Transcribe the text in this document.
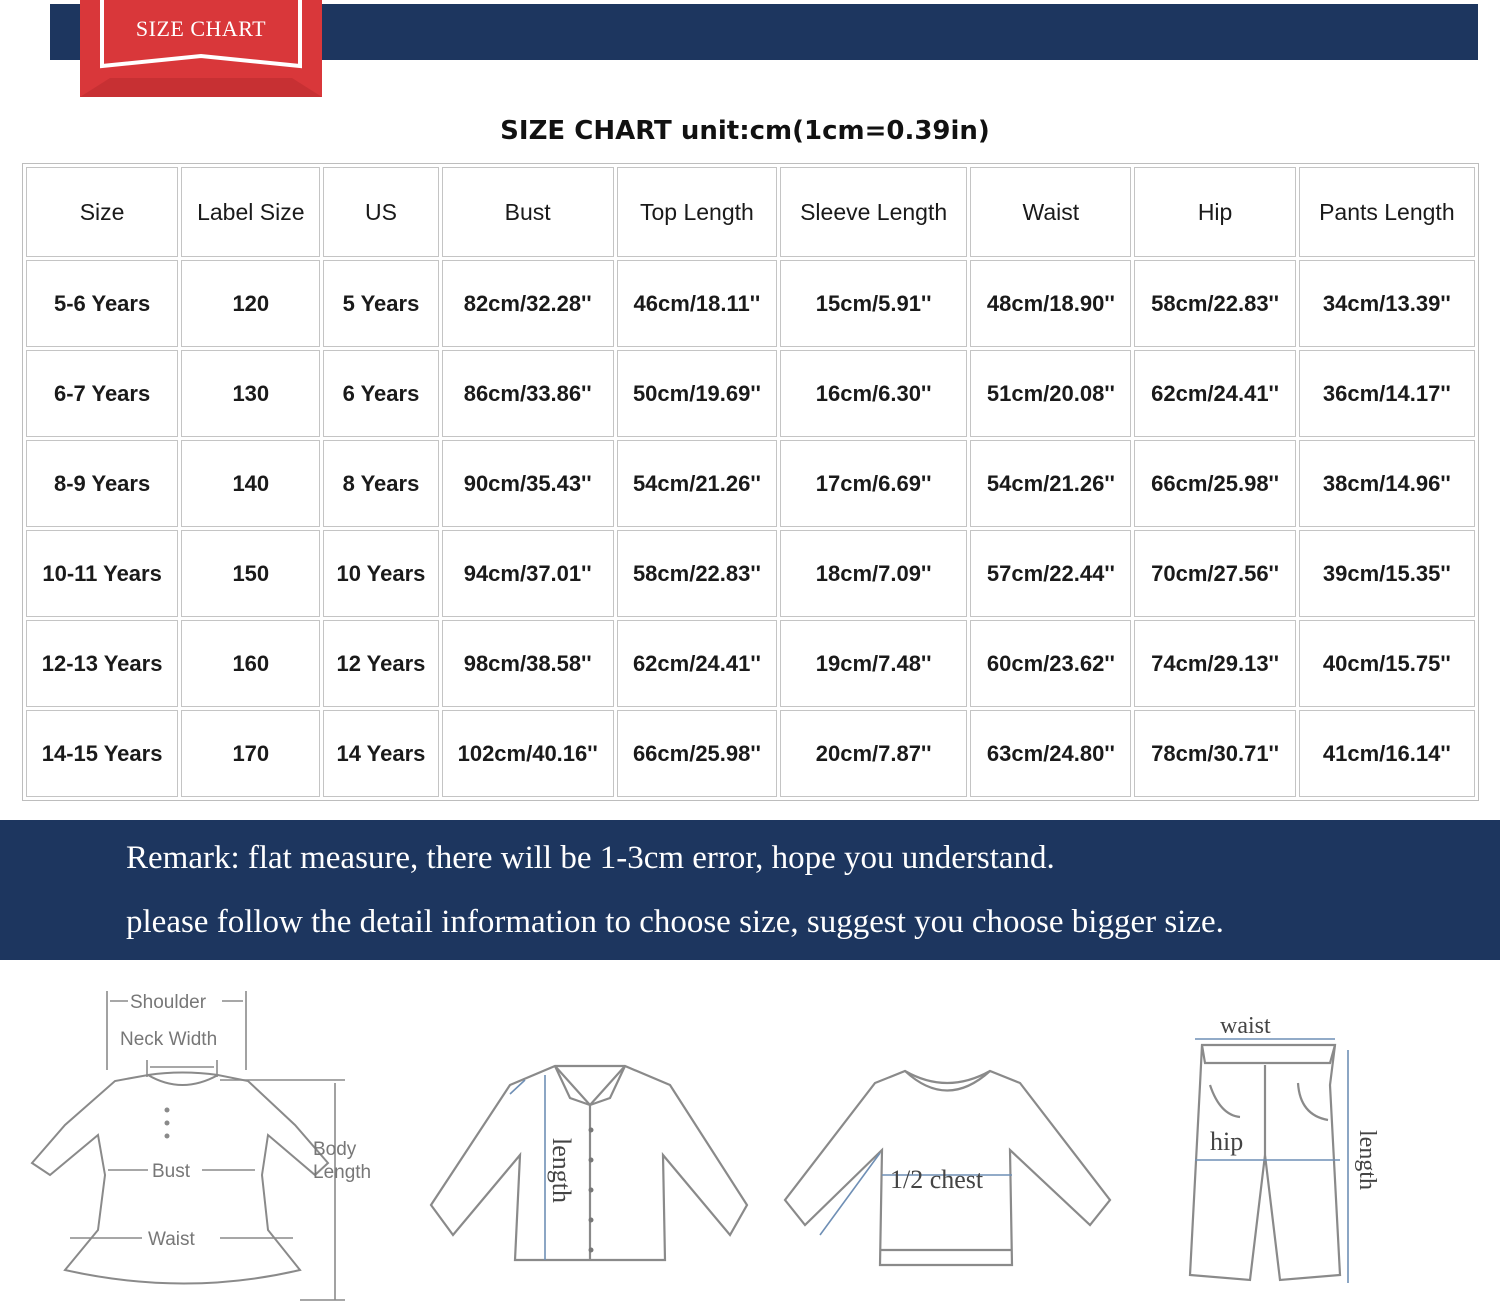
SIZE CHART
SIZE CHART unit:cm(1cm=0.39in)
Size	Label Size	US	Bust	Top Length	Sleeve Length	Waist	Hip	Pants Length
5-6 Years	120	5 Years	82cm/32.28''	46cm/18.11''	15cm/5.91''	48cm/18.90''	58cm/22.83''	34cm/13.39''
6-7 Years	130	6 Years	86cm/33.86''	50cm/19.69''	16cm/6.30''	51cm/20.08''	62cm/24.41''	36cm/14.17''
8-9 Years	140	8 Years	90cm/35.43''	54cm/21.26''	17cm/6.69''	54cm/21.26''	66cm/25.98''	38cm/14.96''
10-11 Years	150	10 Years	94cm/37.01''	58cm/22.83''	18cm/7.09''	57cm/22.44''	70cm/27.56''	39cm/15.35''
12-13 Years	160	12 Years	98cm/38.58''	62cm/24.41''	19cm/7.48''	60cm/23.62''	74cm/29.13''	40cm/15.75''
14-15 Years	170	14 Years	102cm/40.16''	66cm/25.98''	20cm/7.87''	63cm/24.80''	78cm/30.71''	41cm/16.14''
Remark: flat measure, there will be 1-3cm error, hope you understand.
please follow the detail information to choose size, suggest you choose bigger size.
Shoulder
Neck Width
Bust
Waist
Body
Length	length	1/2 chest
waist
hip	length
